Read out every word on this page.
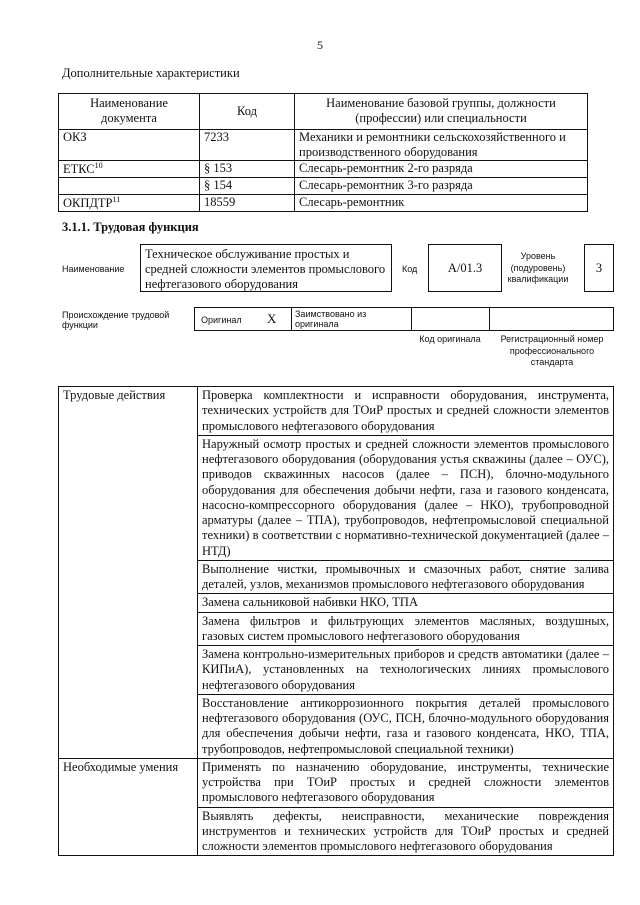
5
Дополнительные характеристики
Наименование документа	Код	Наименование базовой группы, должности (профессии) или специальности
ОКЗ	7233	Механики и ремонтники сельскохозяйственного и производственного оборудования
ЕТКС$^{10}$	§ 153	Слесарь-ремонтник 2-го разряда
	§ 154	Слесарь-ремонтник 3-го разряда
ОКПДТР$^{11}$	18559	Слесарь-ремонтник
3.1.1. Трудовая функция
Наименование
Техническое обслуживание простых и средней сложности элементов промыслового нефтегазового оборудования
Код	А/01.3
Уровень (подуровень) квалификации
3
Происхождение трудовой функции
Оригинал X Заимствовано из оригинала
Код оригинала	Регистрационный номер профессионального стандарта
Трудовые действия	Проверка комплектности и исправности оборудования, инструмента, технических устройств для ТОиР простых и средней сложности элементов промыслового нефтегазового оборудования
	Наружный осмотр простых и средней сложности элементов промыслового нефтегазового оборудования (оборудования устья скважины (далее – ОУС), приводов скважинных насосов (далее – ПСН), блочно-модульного оборудования для обеспечения добычи нефти, газа и газового конденсата, насосно-компрессорного оборудования (далее – НКО), трубопроводной арматуры (далее – ТПА), трубопроводов, нефтепромысловой специальной техники) в соответствии с нормативно-технической документацией (далее – НТД)
	Выполнение чистки, промывочных и смазочных работ, снятие залива деталей, узлов, механизмов промыслового нефтегазового оборудования
	Замена сальниковой набивки НКО, ТПА
	Замена фильтров и фильтрующих элементов масляных, воздушных, газовых систем промыслового нефтегазового оборудования
	Замена контрольно-измерительных приборов и средств автоматики (далее – КИПиА), установленных на технологических линиях промыслового нефтегазового оборудования
	Восстановление антикоррозионного покрытия деталей промыслового нефтегазового оборудования (ОУС, ПСН, блочно-модульного оборудования для обеспечения добычи нефти, газа и газового конденсата, НКО, ТПА, трубопроводов, нефтепромысловой специальной техники)
Необходимые умения	Применять по назначению оборудование, инструменты, технические устройства при ТОиР простых и средней сложности элементов промыслового нефтегазового оборудования
	Выявлять дефекты, неисправности, механические повреждения инструментов и технических устройств для ТОиР простых и средней сложности элементов промыслового нефтегазового оборудования
